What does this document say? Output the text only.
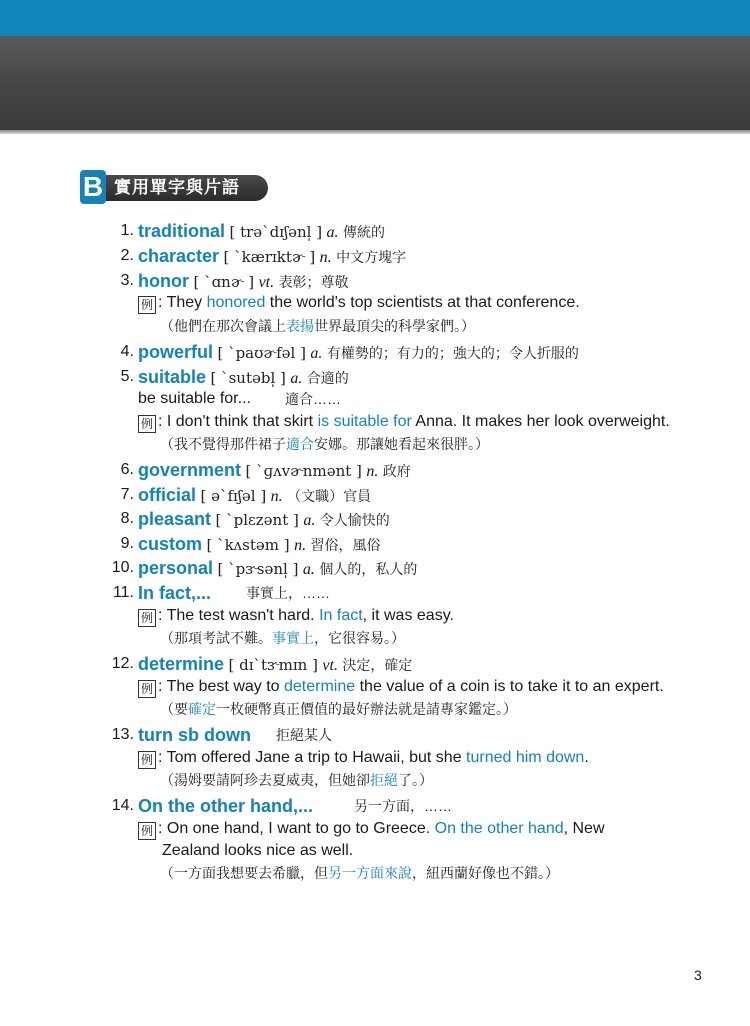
B 實用單字與片語
1. traditional [ trəˋdɪʃənl̩ ] a. 傳統的
2. character [ ˋkærɪktɚ ] n. 中文方塊字
3. honor [ ˋɑnɚ ] vt. 表彰；尊敬
例 : They honored the world's top scientists at that conference.
（他們在那次會議上表揚世界最頂尖的科學家們。）
4. powerful [ ˋpaʊɚfəl ] a. 有權勢的；有力的；強大的；令人折服的
5. suitable [ ˋsutəbl̩ ] a. 合適的
be suitable for... 適合……
例 : I don't think that skirt is suitable for Anna. It makes her look overweight.
（我不覺得那件裙子適合安娜。那讓她看起來很胖。）
6. government [ ˋɡʌvɚnmənt ] n. 政府
7. official [ əˋfɪʃəl ] n. （文職）官員
8. pleasant [ ˋplɛzənt ] a. 令人愉快的
9. custom [ ˋkʌstəm ] n. 習俗，風俗
10. personal [ ˋpɝsənl̩ ] a. 個人的，私人的
11. In fact,... 事實上，……
例 : The test wasn't hard. In fact, it was easy.
（那項考試不難。事實上，它很容易。）
12. determine [ dɪˋtɝmɪn ] vt. 決定，確定
例 : The best way to determine the value of a coin is to take it to an expert.
（要確定一枚硬幣真正價值的最好辦法就是請專家鑑定。）
13. turn sb down 拒絕某人
例 : Tom offered Jane a trip to Hawaii, but she turned him down.
（湯姆要請阿珍去夏威夷，但她卻拒絕了。）
14. On the other hand,...	另一方面，……
例 : On one hand, I want to go to Greece. On the other hand, New
Zealand looks nice as well.
（一方面我想要去希臘，但另一方面來說，紐西蘭好像也不錯。）
3
